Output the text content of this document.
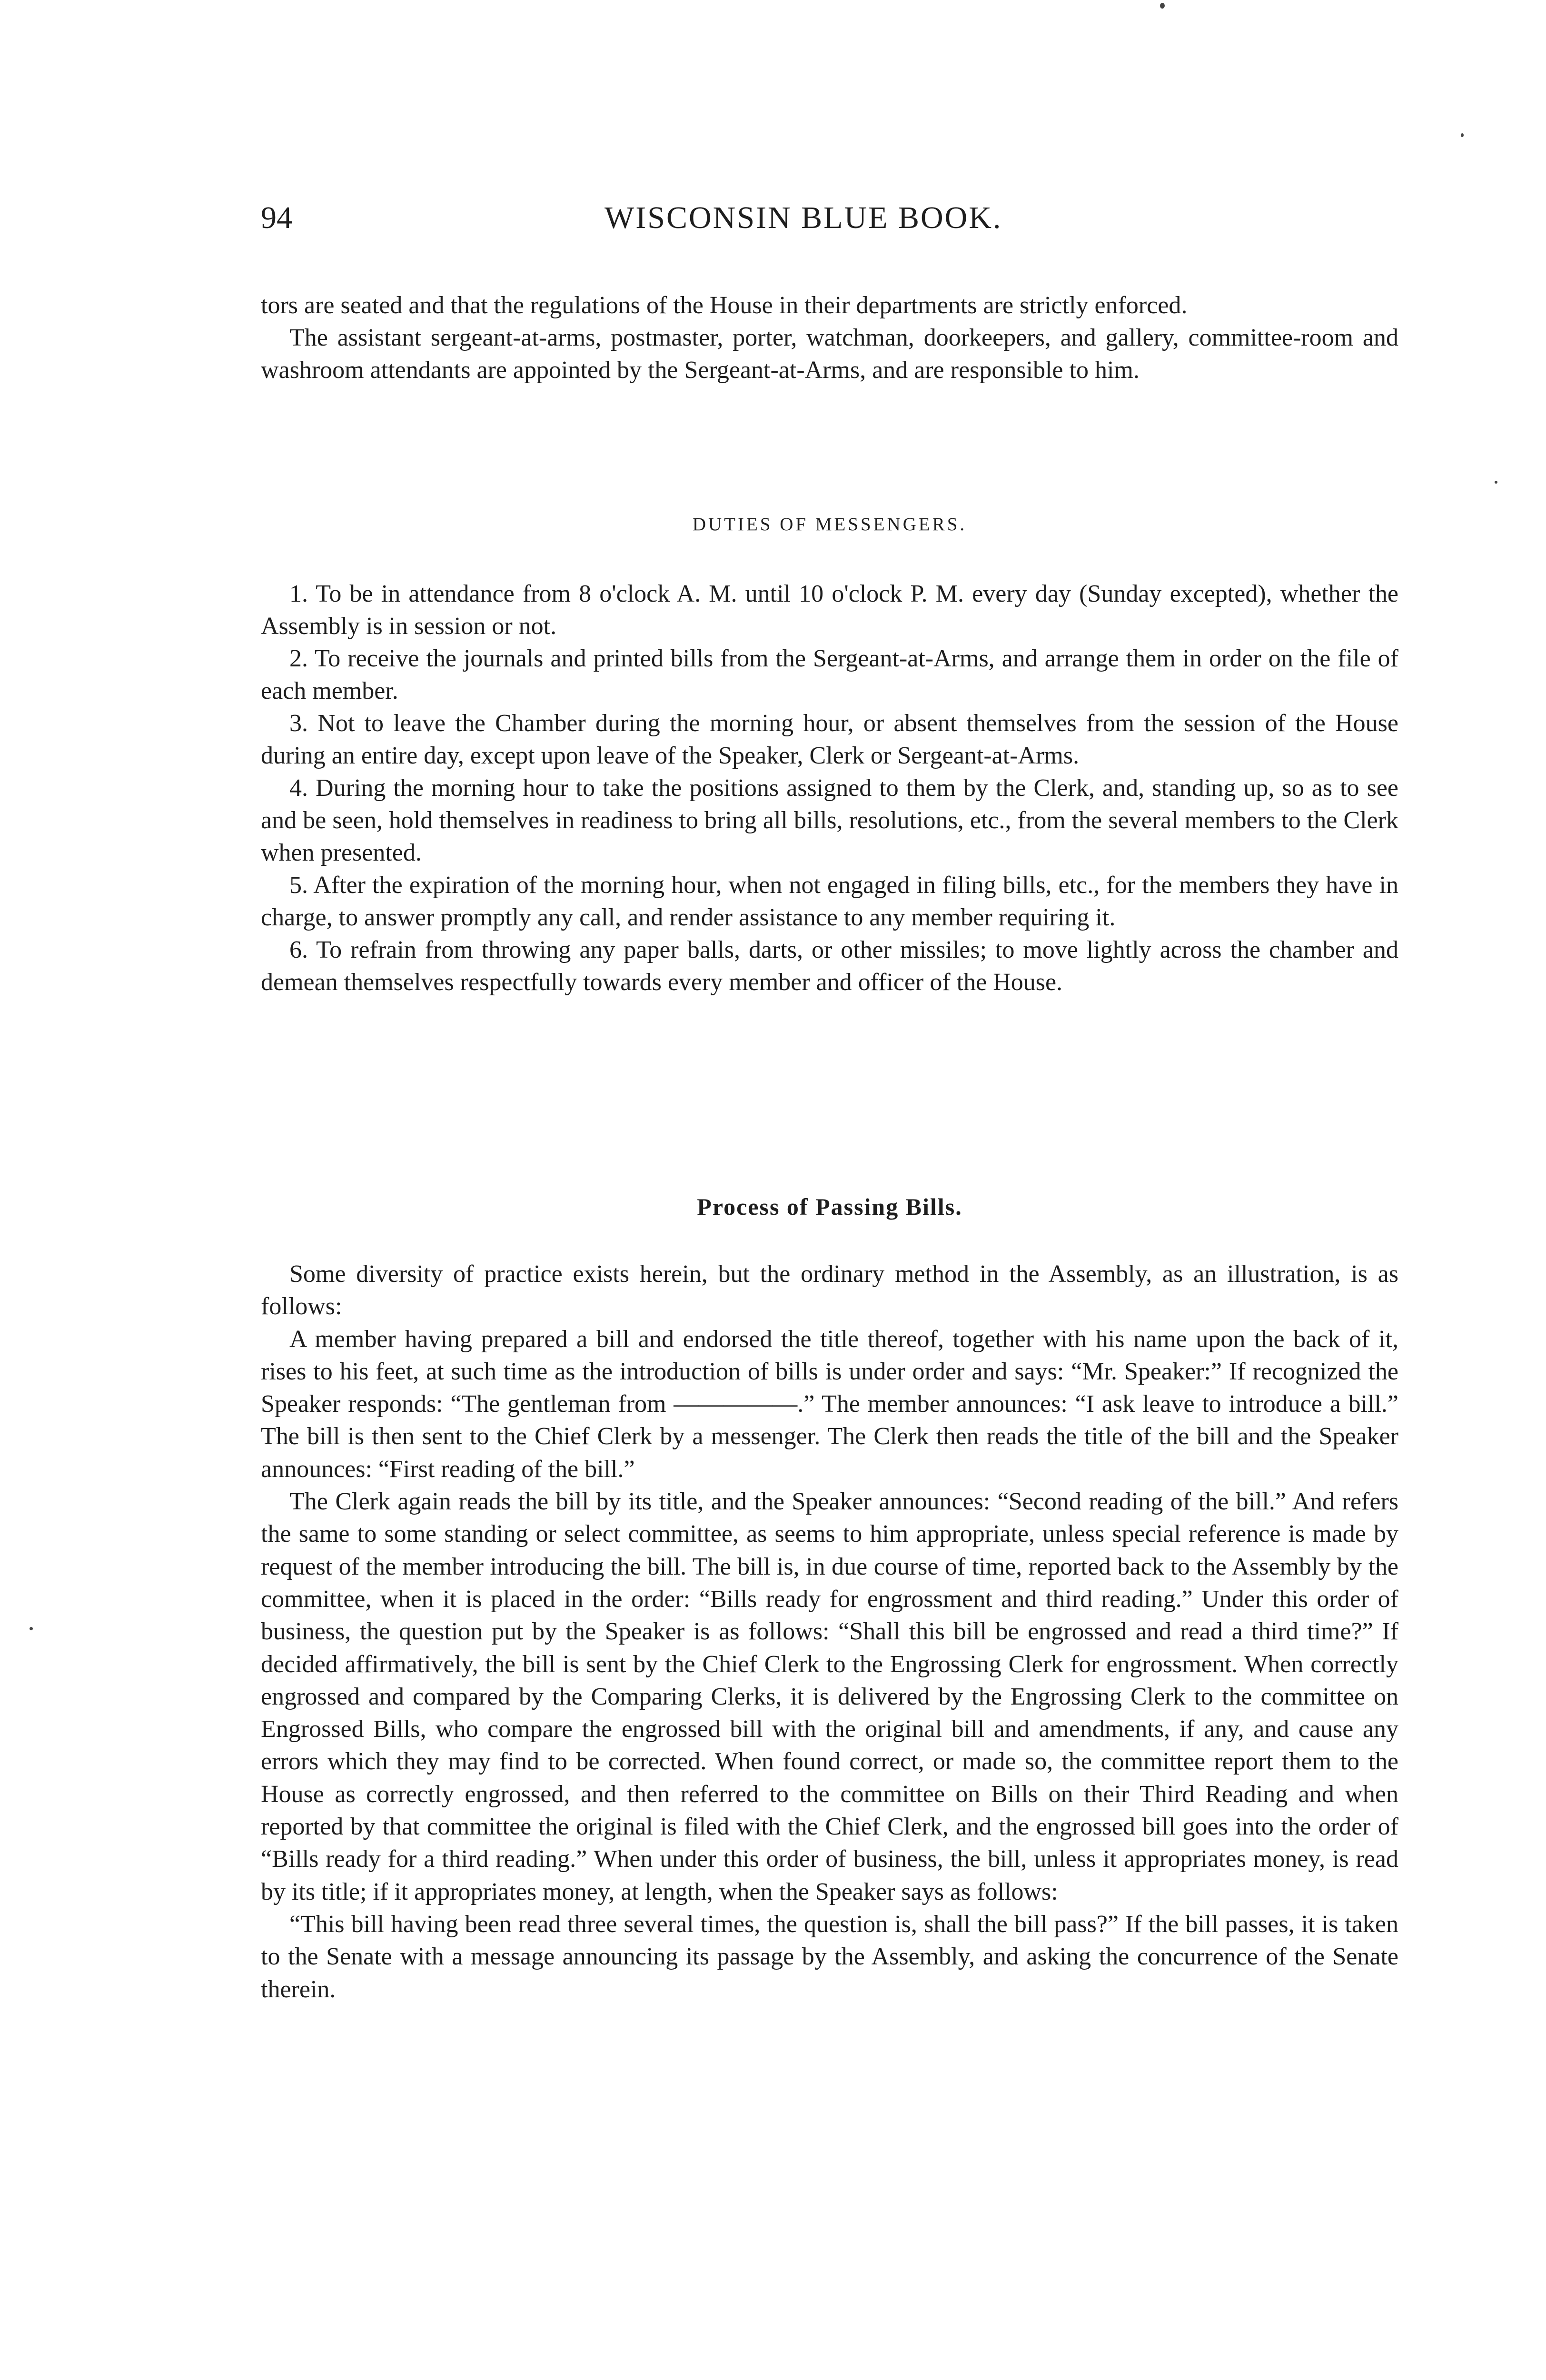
94	WISCONSIN BLUE BOOK.

tors are seated and that the regulations of the House in their departments are strictly enforced.

The assistant sergeant-at-arms, postmaster, porter, watchman, doorkeepers, and gallery, committee-room and washroom attendants are appointed by the Sergeant-at-Arms, and are responsible to him.

DUTIES OF MESSENGERS.

1. To be in attendance from 8 o'clock A. M. until 10 o'clock P. M. every day (Sunday excepted), whether the Assembly is in session or not.

2. To receive the journals and printed bills from the Sergeant-at-Arms, and arrange them in order on the file of each member.

3. Not to leave the Chamber during the morning hour, or absent themselves from the session of the House during an entire day, except upon leave of the Speaker, Clerk or Sergeant-at-Arms.

4. During the morning hour to take the positions assigned to them by the Clerk, and, standing up, so as to see and be seen, hold themselves in readiness to bring all bills, resolutions, etc., from the several members to the Clerk when presented.

5. After the expiration of the morning hour, when not engaged in filing bills, etc., for the members they have in charge, to answer promptly any call, and render assistance to any member requiring it.

6. To refrain from throwing any paper balls, darts, or other missiles; to move lightly across the chamber and demean themselves respectfully towards every member and officer of the House.

Process of Passing Bills.

Some diversity of practice exists herein, but the ordinary method in the Assembly, as an illustration, is as follows:

A member having prepared a bill and endorsed the title thereof, together with his name upon the back of it, rises to his feet, at such time as the introduction of bills is under order and says: “Mr. Speaker:” If recognized the Speaker responds: “The gentleman from —————.” The member announces: “I ask leave to introduce a bill.” The bill is then sent to the Chief Clerk by a messenger. The Clerk then reads the title of the bill and the Speaker announces: “First reading of the bill.”

The Clerk again reads the bill by its title, and the Speaker announces: “Second reading of the bill.” And refers the same to some standing or select committee, as seems to him appropriate, unless special reference is made by request of the member introducing the bill. The bill is, in due course of time, reported back to the Assembly by the committee, when it is placed in the order: “Bills ready for engrossment and third reading.” Under this order of business, the question put by the Speaker is as follows: “Shall this bill be engrossed and read a third time?” If decided affirmatively, the bill is sent by the Chief Clerk to the Engrossing Clerk for engrossment. When correctly engrossed and compared by the Comparing Clerks, it is delivered by the Engrossing Clerk to the committee on Engrossed Bills, who compare the engrossed bill with the original bill and amendments, if any, and cause any errors which they may find to be corrected. When found correct, or made so, the committee report them to the House as correctly engrossed, and then referred to the committee on Bills on their Third Reading and when reported by that committee the original is filed with the Chief Clerk, and the engrossed bill goes into the order of “Bills ready for a third reading.” When under this order of business, the bill, unless it appropriates money, is read by its title; if it appropriates money, at length, when the Speaker says as follows:

“This bill having been read three several times, the question is, shall the bill pass?” If the bill passes, it is taken to the Senate with a message announcing its passage by the Assembly, and asking the concurrence of the Senate therein.
